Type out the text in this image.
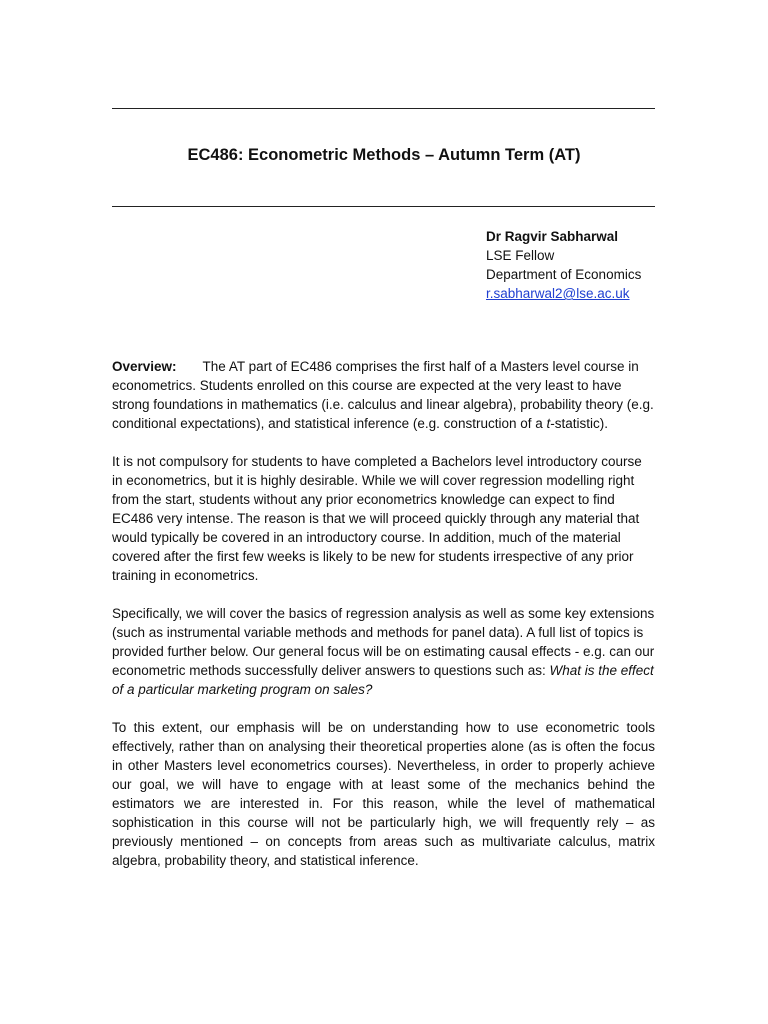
EC486: Econometric Methods – Autumn Term (AT)
Dr Ragvir Sabharwal
LSE Fellow
Department of Economics
r.sabharwal2@lse.ac.uk

Overview: The AT part of EC486 comprises the first half of a Masters level course in econometrics. Students enrolled on this course are expected at the very least to have strong foundations in mathematics (i.e. calculus and linear algebra), probability theory (e.g. conditional expectations), and statistical inference (e.g. construction of a t-statistic).

It is not compulsory for students to have completed a Bachelors level introductory course in econometrics, but it is highly desirable. While we will cover regression modelling right from the start, students without any prior econometrics knowledge can expect to find EC486 very intense. The reason is that we will proceed quickly through any material that would typically be covered in an introductory course. In addition, much of the material covered after the first few weeks is likely to be new for students irrespective of any prior training in econometrics.

Specifically, we will cover the basics of regression analysis as well as some key extensions (such as instrumental variable methods and methods for panel data). A full list of topics is provided further below. Our general focus will be on estimating causal effects - e.g. can our econometric methods successfully deliver answers to questions such as: What is the effect of a particular marketing program on sales?

To this extent, our emphasis will be on understanding how to use econometric tools effectively, rather than on analysing their theoretical properties alone (as is often the focus in other Masters level econometrics courses). Nevertheless, in order to properly achieve our goal, we will have to engage with at least some of the mechanics behind the estimators we are interested in. For this reason, while the level of mathematical sophistication in this course will not be particularly high, we will frequently rely – as previously mentioned – on concepts from areas such as multivariate calculus, matrix algebra, probability theory, and statistical inference.
